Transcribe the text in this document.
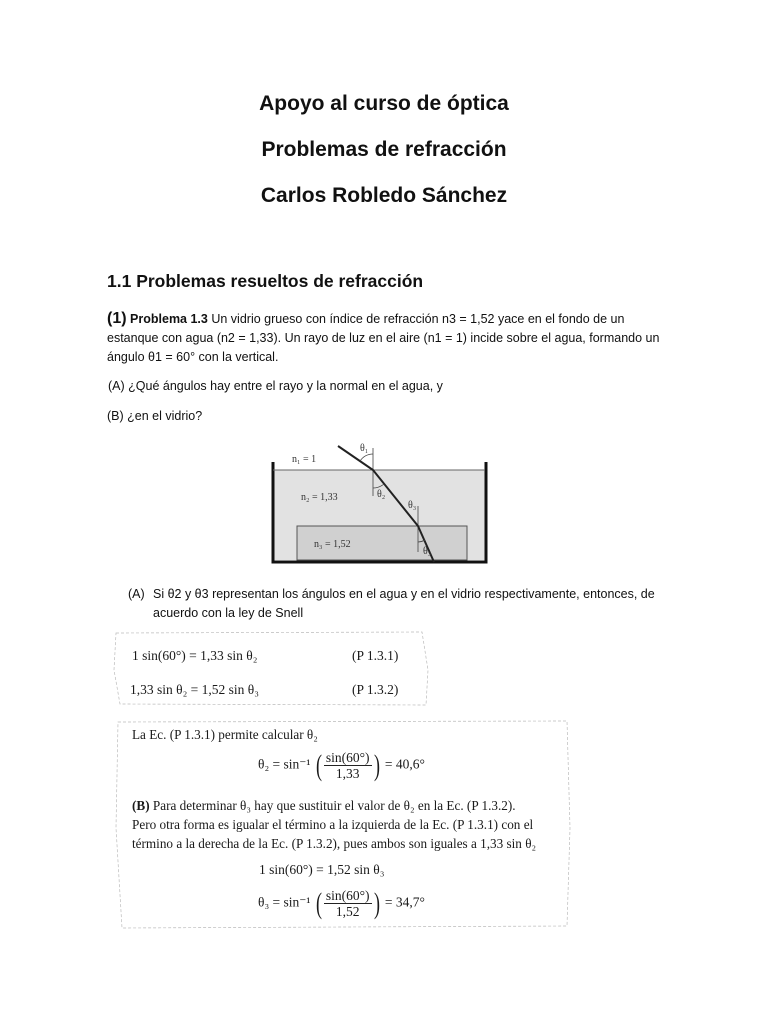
Apoyo al curso de óptica
Problemas de refracción
Carlos Robledo Sánchez
1.1 Problemas resueltos de refracción
(1) Problema 1.3 Un vidrio grueso con índice de refracción n3 = 1,52 yace en el fondo de un estanque con agua (n2 = 1,33). Un rayo de luz en el aire (n1 = 1) incide sobre el agua, formando un ángulo θ1 = 60° con la vertical.
(A) ¿Qué ángulos hay entre el rayo y la normal en el agua, y
(B) ¿en el vidrio?
n₁ = 1
n₂ = 1,33
n₃ = 1,52
θ₁
θ₂
θ₃
θ₃
(A) Si θ2 y θ3 representan los ángulos en el agua y en el vidrio respectivamente, entonces, de acuerdo con la ley de Snell
1 sin(60°) = 1,33 sin θ₂	(P 1.3.1)
1,33 sin θ₂ = 1,52 sin θ₃	(P 1.3.2)
La Ec. (P 1.3.1) permite calcular θ₂
θ₂ = sin⁻¹ ( $\frac{\sin(60^\circ)}{1,33}$ ) = 40,6°
(B) Para determinar θ₃ hay que sustituir el valor de θ₂ en la Ec. (P 1.3.2).
Pero otra forma es igualar el término a la izquierda de la Ec. (P 1.3.1) con el
término a la derecha de la Ec. (P 1.3.2), pues ambos son iguales a 1,33 sin θ₂
1 sin(60°) = 1,52 sin θ₃
θ₃ = sin⁻¹ ( $\frac{\sin(60^\circ)}{1,52}$ ) = 34,7°
